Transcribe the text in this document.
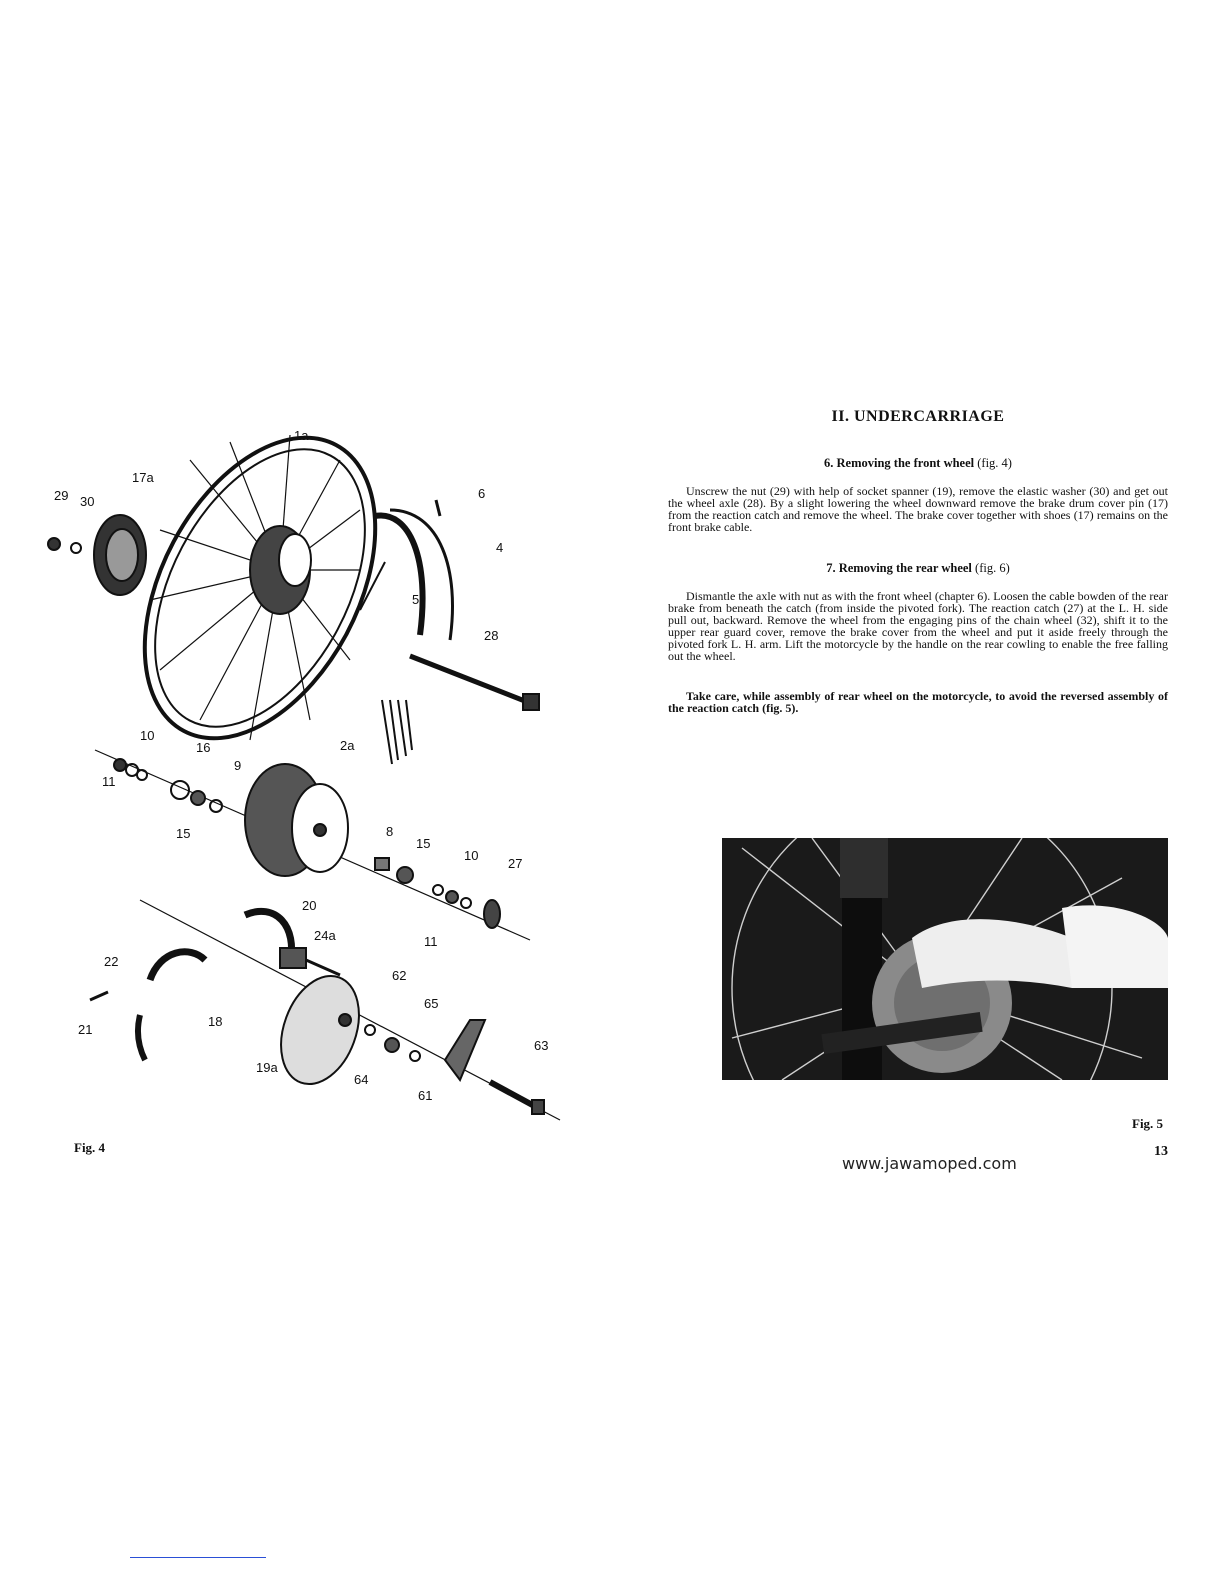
1a
17a
29 30
6
4
5
28
10
16
9
2a
11
15	8
15
10
27
11
20
24a
22
21
18
62
65
63
19a
64
61
Fig. 4
II. UNDERCARRIAGE
6. Removing the front wheel (fig. 4)

Unscrew the nut (29) with help of socket spanner (19), remove the elastic washer (30) and get out the wheel axle (28). By a slight lowering the wheel downward remove the brake drum cover pin (17) from the reaction catch and remove the wheel. The brake cover together with shoes (17) remains on the front brake cable.

7. Removing the rear wheel (fig. 6)

Dismantle the axle with nut as with the front wheel (chapter 6). Loosen the cable bowden of the rear brake from beneath the catch (from inside the pivoted fork). The reaction catch (27) at the L. H. side pull out, backward. Remove the wheel from the engaging pins of the chain wheel (32), shift it to the upper rear guard cover, remove the brake cover from the wheel and put it aside freely through the pivoted fork L. H. arm. Lift the motorcycle by the handle on the rear cowling to enable the free falling out the wheel.

Take care, while assembly of rear wheel on the motorcycle, to avoid the reversed assembly of the reaction catch (fig. 5).

Fig. 5
13
www.jawamoped.com
